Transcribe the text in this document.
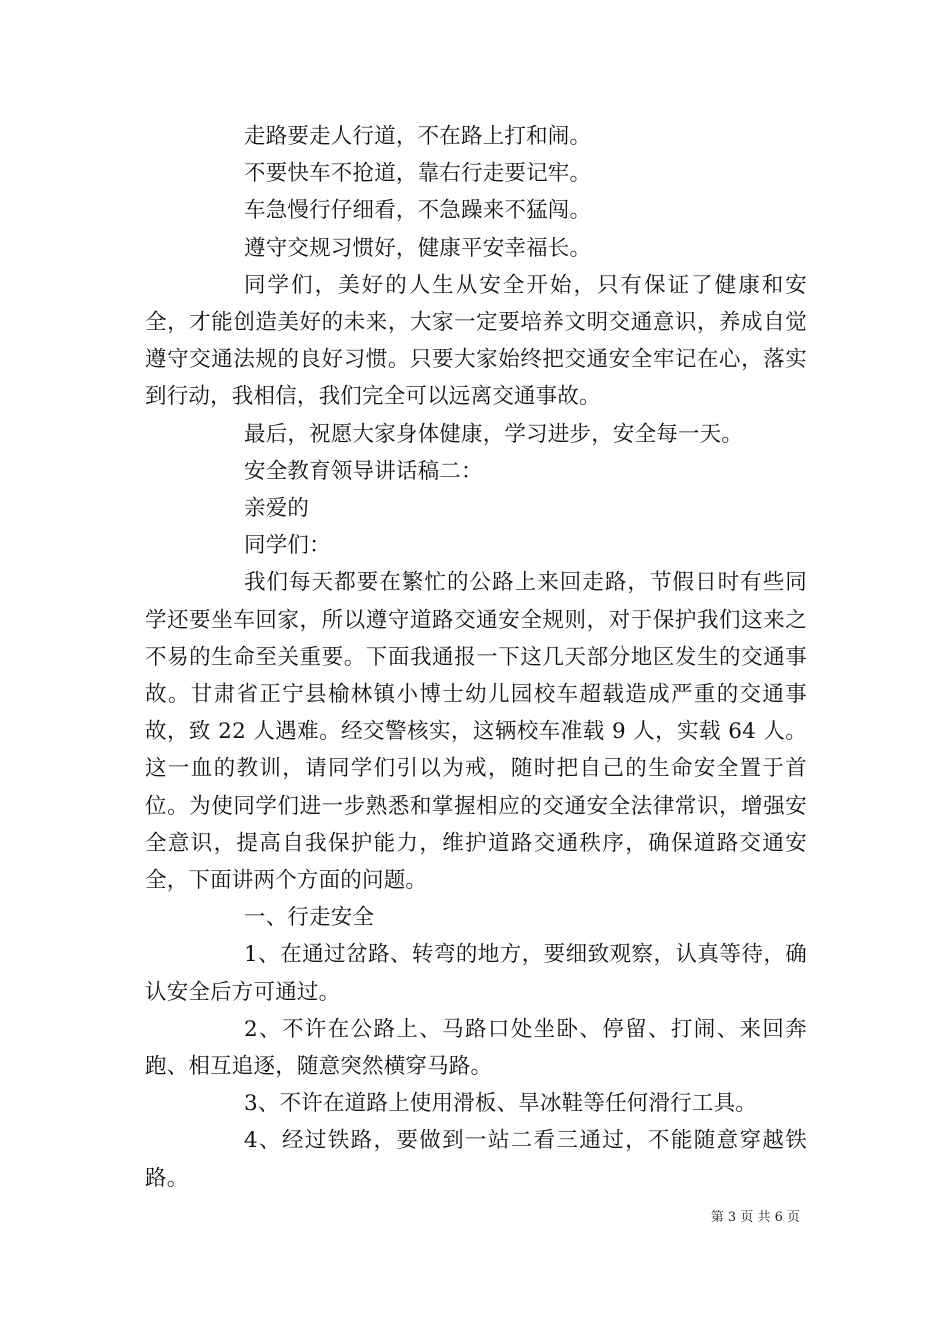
走路要走人行道，不在路上打和闹。

不要快车不抢道，靠右行走要记牢。

车急慢行仔细看，不急躁来不猛闯。

遵守交规习惯好，健康平安幸福长。

同学们，美好的人生从安全开始，只有保证了健康和安全，才能创造美好的未来，大家一定要培养文明交通意识，养成自觉遵守交通法规的良好习惯。只要大家始终把交通安全牢记在心，落实到行动，我相信，我们完全可以远离交通事故。

最后，祝愿大家身体健康，学习进步，安全每一天。

安全教育领导讲话稿二：

亲爱的

同学们：

我们每天都要在繁忙的公路上来回走路，节假日时有些同学还要坐车回家，所以遵守道路交通安全规则，对于保护我们这来之不易的生命至关重要。下面我通报一下这几天部分地区发生的交通事故。甘肃省正宁县榆林镇小博士幼儿园校车超载造成严重的交通事故，致 22 人遇难。经交警核实，这辆校车准载 9 人，实载 64 人。这一血的教训，请同学们引以为戒，随时把自己的生命安全置于首位。为使同学们进一步熟悉和掌握相应的交通安全法律常识，增强安全意识，提高自我保护能力，维护道路交通秩序，确保道路交通安全，下面讲两个方面的问题。

一、行走安全

1、在通过岔路、转弯的地方，要细致观察，认真等待，确认安全后方可通过。

2、不许在公路上、马路口处坐卧、停留、打闹、来回奔跑、相互追逐，随意突然横穿马路。

3、不许在道路上使用滑板、旱冰鞋等任何滑行工具。

4、经过铁路，要做到一站二看三通过，不能随意穿越铁路。

第 3 页 共 6 页
